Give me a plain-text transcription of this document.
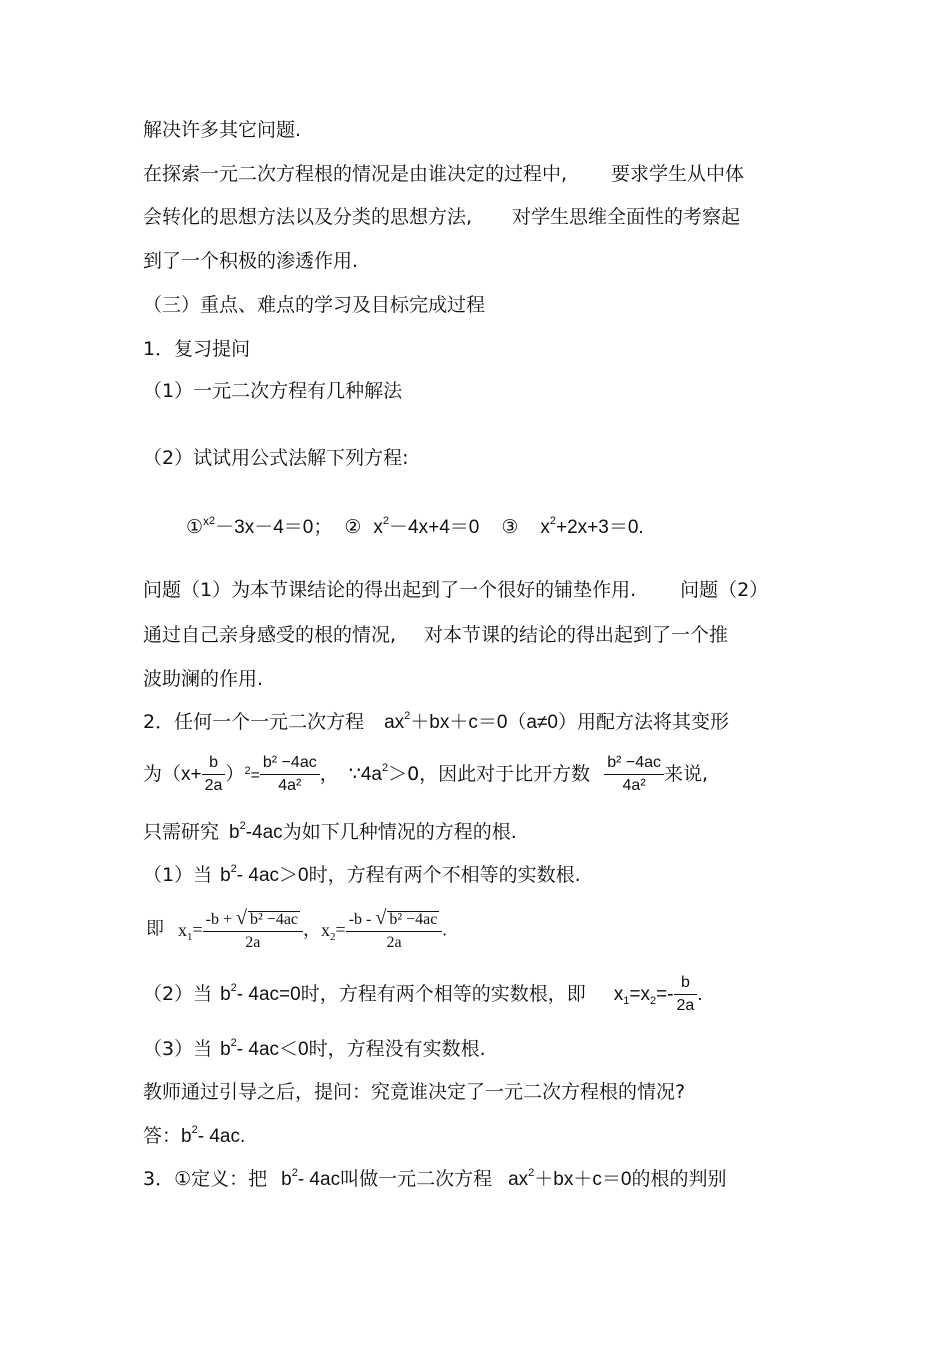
解决许多其它问题.
在探索一元二次方程根的情况是由谁决定的过程中, 要求学生从中体
会转化的思想方法以及分类的思想方法, 对学生思维全面性的考察起
到了一个积极的渗透作用.
（三）重点、难点的学习及目标完成过程
1．复习提问
（1）一元二次方程有几种解法
（2）试试用公式法解下列方程:
①$^{x2}$－3x－4＝0； ② $x^2-4x+4=0$ ③ $x^2+2x+3=0$.
问题（1）为本节课结论的得出起到了一个很好的铺垫作用. 问题（2）
通过自己亲身感受的根的情况, 对本节课的结论的得出起到了一个推
波助澜的作用.
2．任何一个一元二次方程 $ax^2+bx+c=0(a\ne 0)$用配方法将其变形
为$(x+ \frac{b}{2a} )^2= \frac{\text{b² −4ac}}{\text{4a²}}$ ， $\because 4a^2>0$，因此对于比开方数 $\frac{\text{b² −4ac}}{\text{4a²}}$ 来说,
只需研究 $b^2-4ac$为如下几种情况的方程的根.
（1）当 $b^2-$ 4ac＞0时，方程有两个不相等的实数根.
即 $x_1= \frac{\text{-b + √ b² −4ac}}{2a}$ ，$x_2= \frac{\text{-b - √ b² −4ac}}{2a}$ .
（2）当 $b^2-$ 4ac=0时，方程有两个相等的实数根，即 $x_1=x_2=- \frac{b}{2a}$ .
（3）当 $b^2-$ 4ac＜0时，方程没有实数根.
教师通过引导之后，提问：究竟谁决定了一元二次方程根的情况?
答：$b^2-$ 4ac.
3．①定义：把 $b^2-$ 4ac叫做一元二次方程 $ax^2+bx+c=0$的根的判别
